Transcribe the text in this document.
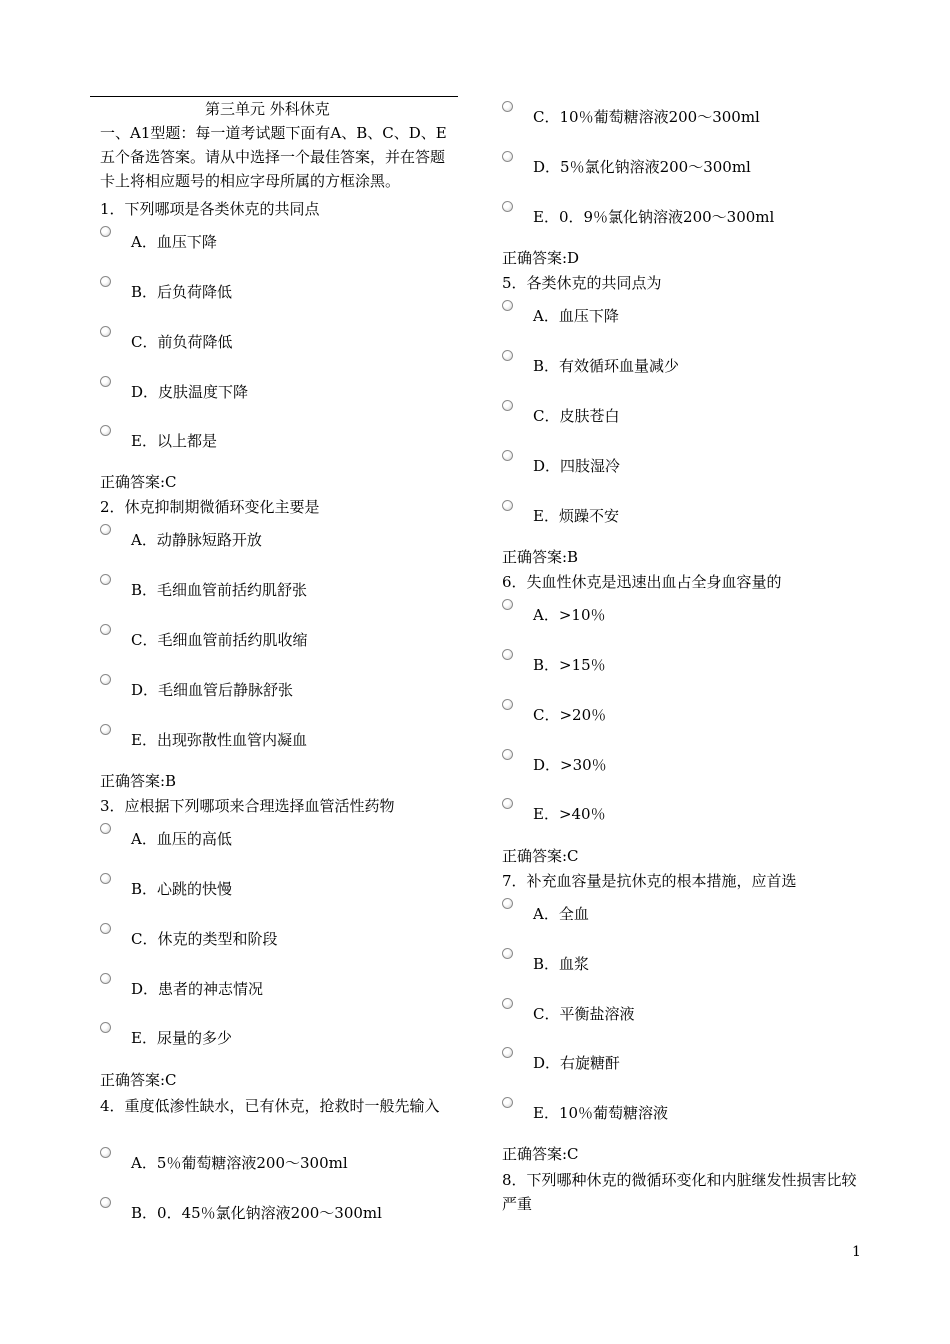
第三单元 外科休克
一、A1型题：每一道考试题下面有A、B、C、D、E五个备选答案。请从中选择一个最佳答案，并在答题卡上将相应题号的相应字母所属的方框涂黑。
1．下列哪项是各类休克的共同点
A．血压下降
B．后负荷降低
C．前负荷降低
D．皮肤温度下降
E．以上都是
正确答案:C
2．休克抑制期微循环变化主要是
A．动静脉短路开放
B．毛细血管前括约肌舒张
C．毛细血管前括约肌收缩
D．毛细血管后静脉舒张
E．出现弥散性血管内凝血
正确答案:B
3．应根据下列哪项来合理选择血管活性药物
A．血压的高低
B．心跳的快慢
C．休克的类型和阶段
D．患者的神志情况
E．尿量的多少
正确答案:C
4．重度低渗性缺水，已有休克，抢救时一般先输入
A．5％葡萄糖溶液200～300ml
B．0．45％氯化钠溶液200～300ml
C．10％葡萄糖溶液200～300ml
D．5％氯化钠溶液200～300ml
E．0．9％氯化钠溶液200～300ml
正确答案:D
5．各类休克的共同点为
A．血压下降
B．有效循环血量减少
C．皮肤苍白
D．四肢湿冷
E．烦躁不安
正确答案:B
6．失血性休克是迅速出血占全身血容量的
A．>10％
B．>15％
C．>20％
D．>30％
E．>40％
正确答案:C
7．补充血容量是抗休克的根本措施，应首选
A．全血
B．血浆
C．平衡盐溶液
D．右旋糖酐
E．10％葡萄糖溶液
正确答案:C
8．下列哪种休克的微循环变化和内脏继发性损害比较严重
1
